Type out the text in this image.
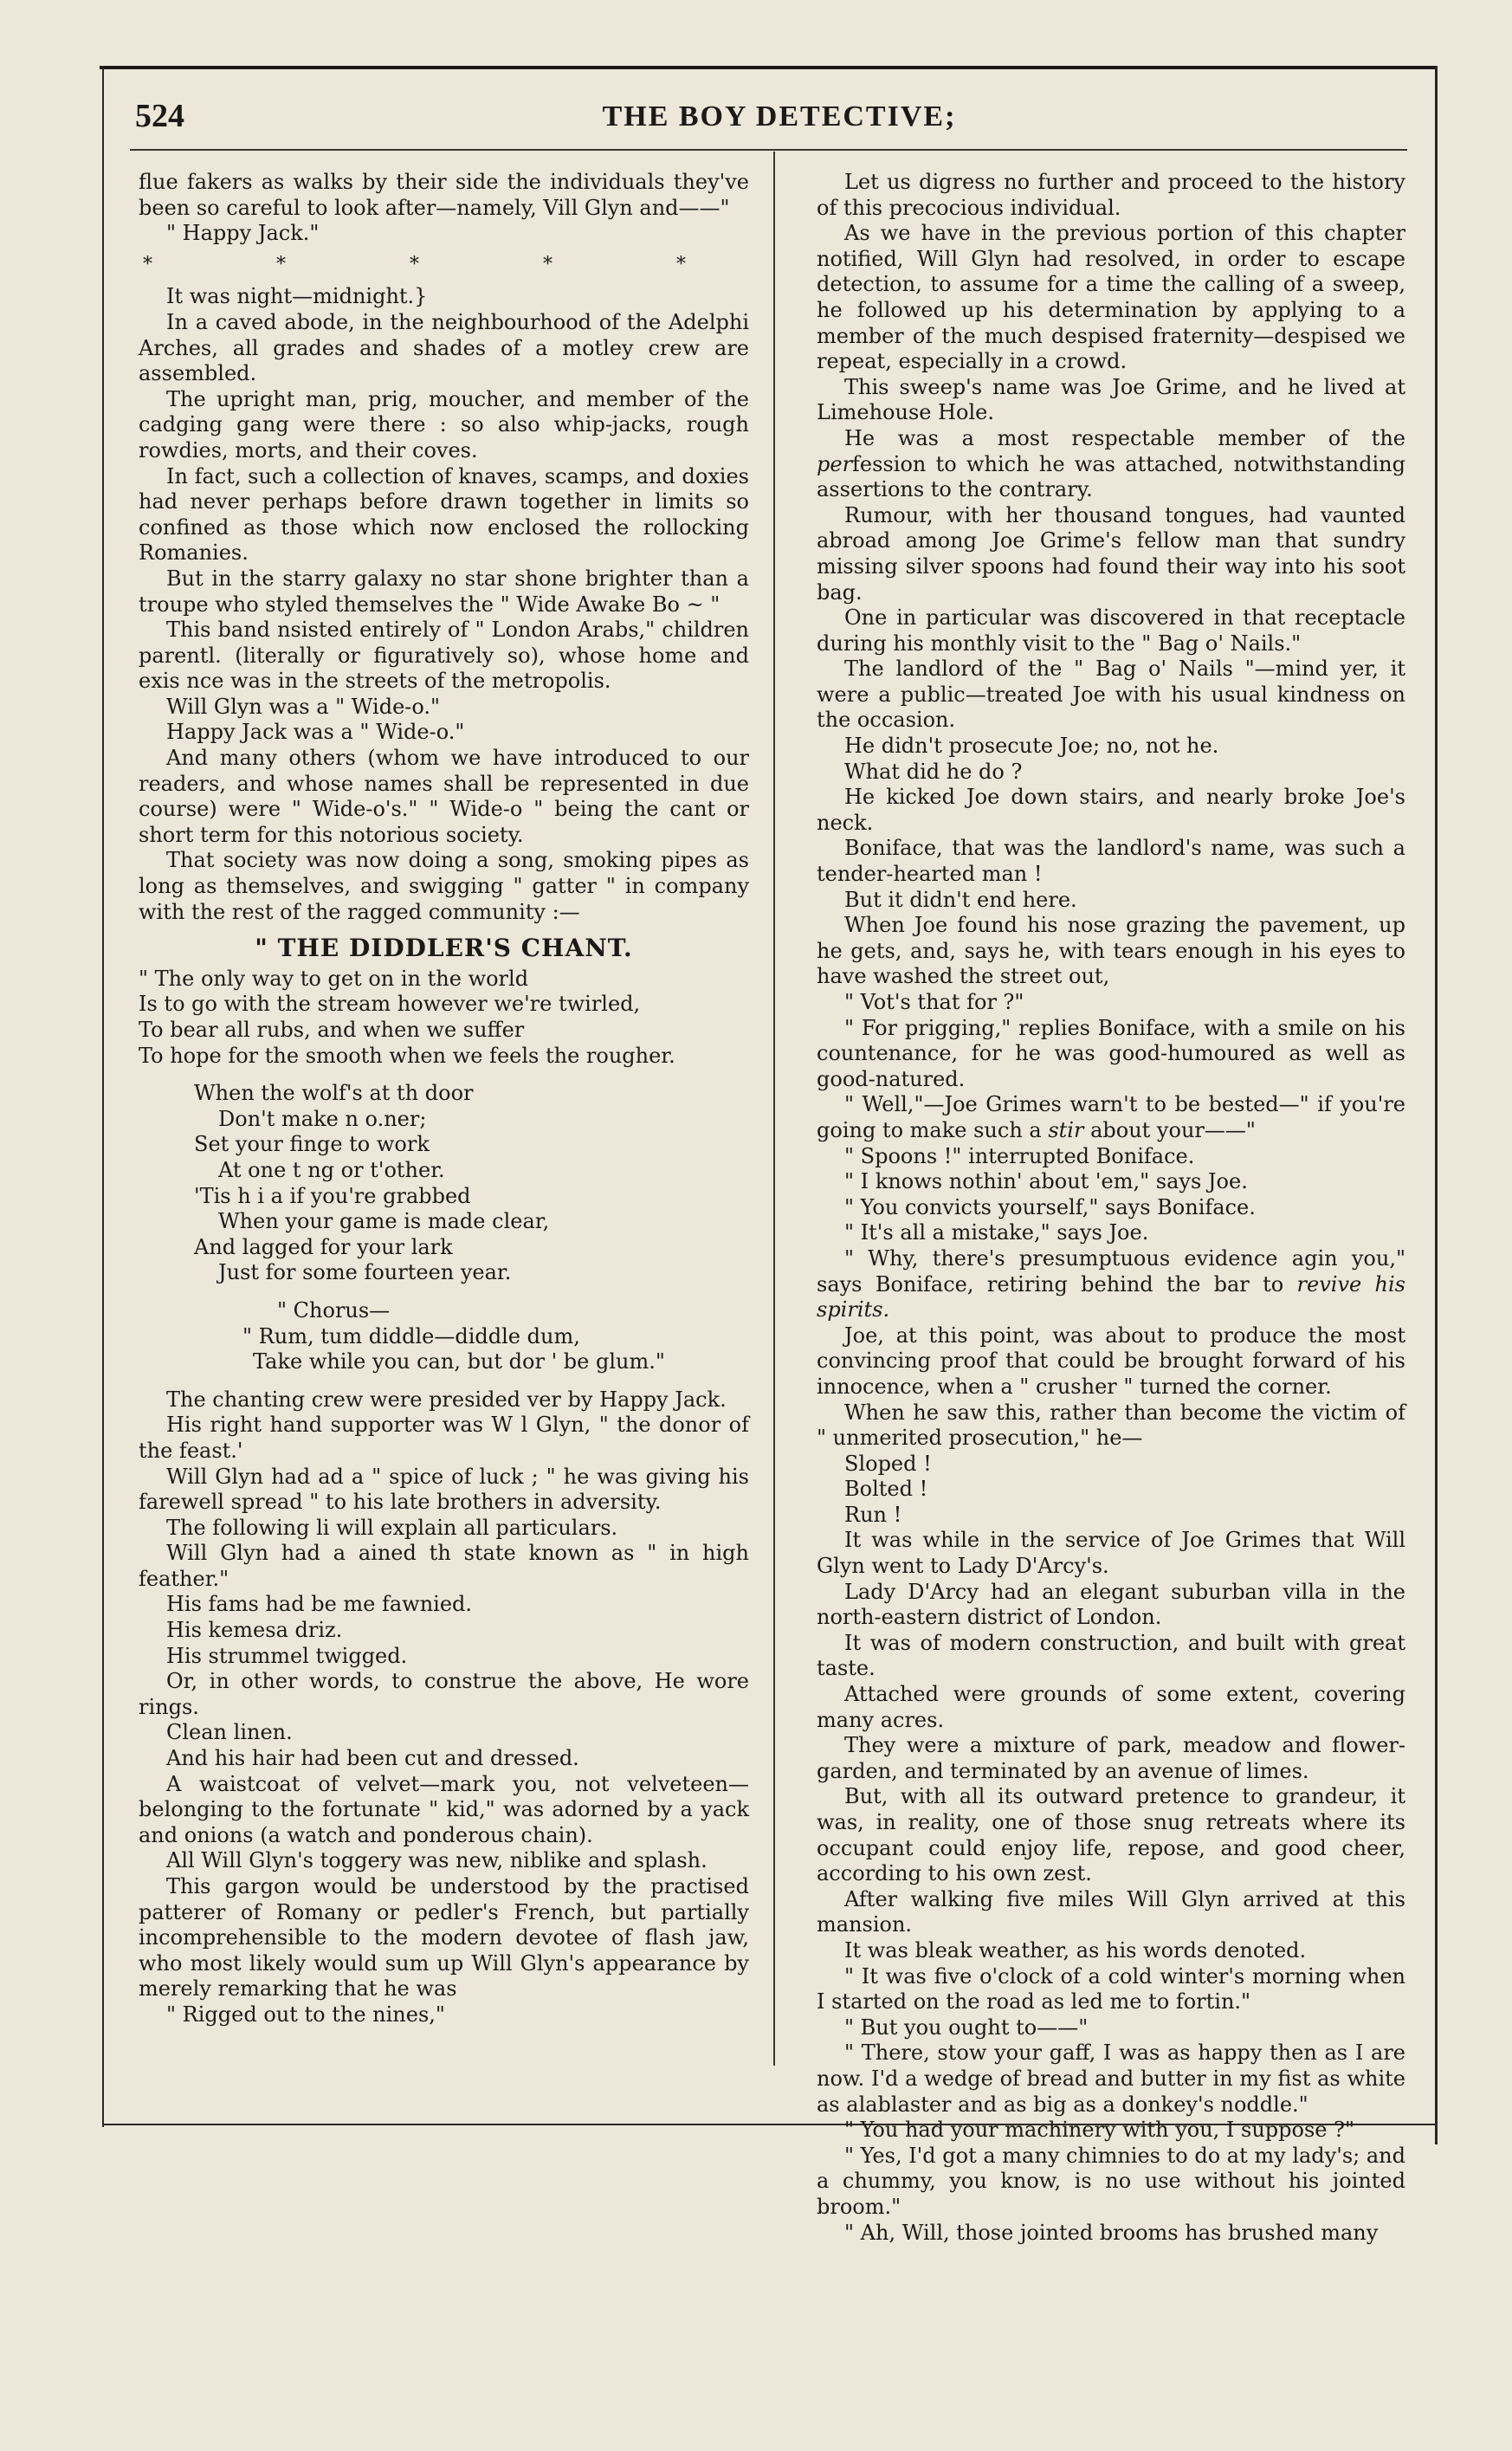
524	THE BOY DETECTIVE;

flue fakers as walks by their side the individuals they've been so careful to look after—namely, Vill Glyn and——"

" Happy Jack."

* * * * *

It was night—midnight.}

In a caved abode, in the neighbourhood of the Adelphi Arches, all grades and shades of a motley crew are assembled.

The upright man, prig, moucher, and member of the cadging gang were there : so also whip-jacks, rough rowdies, morts, and their coves.

In fact, such a collection of knaves, scamps, and doxies had never perhaps before drawn together in limits so confined as those which now enclosed the rollocking Romanies.

But in the starry galaxy no star shone brighter than a troupe who styled themselves the " Wide Awake Bo ~ "

This band nsisted entirely of " London Arabs," children parentl. (literally or figuratively so), whose home and exis nce was in the streets of the metropolis.

Will Glyn was a " Wide-o."

Happy Jack was a " Wide-o."

And many others (whom we have introduced to our readers, and whose names shall be represented in due course) were " Wide-o's." " Wide-o " being the cant or short term for this notorious society.

That society was now doing a song, smoking pipes as long as themselves, and swigging " gatter " in company with the rest of the ragged community :—

" THE DIDDLER'S CHANT.

" The only way to get on in the world

Is to go with the stream however we're twirled,

To bear all rubs, and when we suffer

To hope for the smooth when we feels the rougher.

When the wolf's at th door

Don't make n o.ner;

Set your finge to work

At one t ng or t'other.

'Tis h i a if you're grabbed

When your game is made clear,

And lagged for your lark

Just for some fourteen year.

" Chorus—

" Rum, tum diddle—diddle dum,

Take while you can, but dor ' be glum."

The chanting crew were presided ver by Happy Jack.

His right hand supporter was W l Glyn, " the donor of the feast.'

Will Glyn had ad a " spice of luck ; " he was giving his farewell spread " to his late brothers in adversity.

The following li will explain all particulars.

Will Glyn had a ained th state known as " in high feather."

His fams had be me fawnied.

His kemesa driz.

His strummel twigged.

Or, in other words, to construe the above, He wore rings.

Clean linen.

And his hair had been cut and dressed.

A waistcoat of velvet—mark you, not velveteen—belonging to the fortunate " kid," was adorned by a yack and onions (a watch and ponderous chain).

All Will Glyn's toggery was new, niblike and splash.

This gargon would be understood by the practised patterer of Romany or pedler's French, but partially incomprehensible to the modern devotee of flash jaw, who most likely would sum up Will Glyn's appearance by merely remarking that he was

" Rigged out to the nines,"

Let us digress no further and proceed to the history of this precocious individual.

As we have in the previous portion of this chapter notified, Will Glyn had resolved, in order to escape detection, to assume for a time the calling of a sweep, he followed up his determination by applying to a member of the much despised fraternity—despised we repeat, especially in a crowd.

This sweep's name was Joe Grime, and he lived at Limehouse Hole.

He was a most respectable member of the perfession to which he was attached, notwithstanding assertions to the contrary.

Rumour, with her thousand tongues, had vaunted abroad among Joe Grime's fellow man that sundry missing silver spoons had found their way into his soot bag.

One in particular was discovered in that receptacle during his monthly visit to the " Bag o' Nails."

The landlord of the " Bag o' Nails "—mind yer, it were a public—treated Joe with his usual kindness on the occasion.

He didn't prosecute Joe; no, not he.

What did he do ?

He kicked Joe down stairs, and nearly broke Joe's neck.

Boniface, that was the landlord's name, was such a tender-hearted man !

But it didn't end here.

When Joe found his nose grazing the pavement, up he gets, and, says he, with tears enough in his eyes to have washed the street out,

" Vot's that for ?"

" For prigging," replies Boniface, with a smile on his countenance, for he was good-humoured as well as good-natured.

" Well,"—Joe Grimes warn't to be bested—" if you're going to make such a stir about your——"

" Spoons !" interrupted Boniface.

" I knows nothin' about 'em," says Joe.

" You convicts yourself," says Boniface.

" It's all a mistake," says Joe.

" Why, there's presumptuous evidence agin you," says Boniface, retiring behind the bar to revive his spirits.

Joe, at this point, was about to produce the most convincing proof that could be brought forward of his innocence, when a " crusher " turned the corner.

When he saw this, rather than become the victim of " unmerited prosecution," he—

Sloped !

Bolted !

Run !

It was while in the service of Joe Grimes that Will Glyn went to Lady D'Arcy's.

Lady D'Arcy had an elegant suburban villa in the north-eastern district of London.

It was of modern construction, and built with great taste.

Attached were grounds of some extent, covering many acres.

They were a mixture of park, meadow and flower-garden, and terminated by an avenue of limes.

But, with all its outward pretence to grandeur, it was, in reality, one of those snug retreats where its occupant could enjoy life, repose, and good cheer, according to his own zest.

After walking five miles Will Glyn arrived at this mansion.

It was bleak weather, as his words denoted.

" It was five o'clock of a cold winter's morning when I started on the road as led me to fortin."

" But you ought to——"

" There, stow your gaff, I was as happy then as I are now. I'd a wedge of bread and butter in my fist as white as alablaster and as big as a donkey's noddle."

" You had your machinery with you, I suppose ?"

" Yes, I'd got a many chimnies to do at my lady's; and a chummy, you know, is no use without his jointed broom."

" Ah, Will, those jointed brooms has brushed many
